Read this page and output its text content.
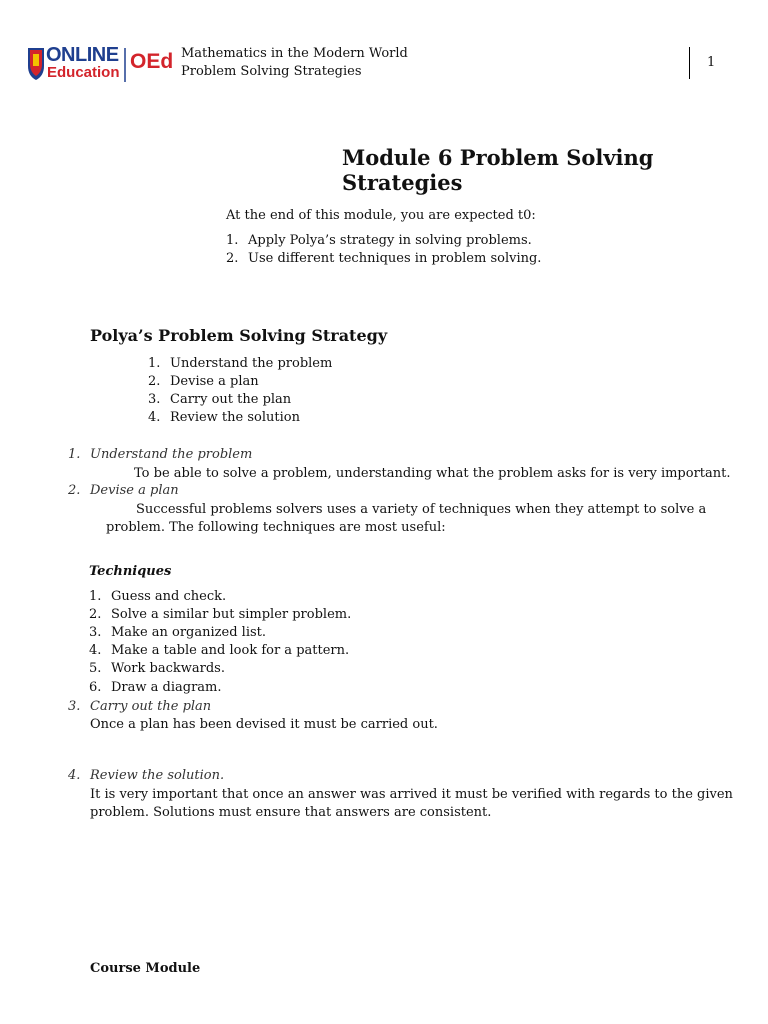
ONLINE
Education OEd Mathematics in the Modern World
Problem Solving Strategies
1
Module 6 Problem Solving Strategies
At the end of this module, you are expected t0:
1. Apply Polya’s strategy in solving problems.
2. Use different techniques in problem solving.
Polya’s Problem Solving Strategy
1. Understand the problem
2. Devise a plan
3. Carry out the plan
4. Review the solution
1. Understand the problem
To be able to solve a problem, understanding what the problem asks for is very important.
2. Devise a plan
Successful problems solvers uses a variety of techniques when they attempt to solve a
problem. The following techniques are most useful:
Techniques
1. Guess and check.
2. Solve a similar but simpler problem.
3. Make an organized list.
4. Make a table and look for a pattern.
5. Work backwards.
6. Draw a diagram.
3. Carry out the plan
Once a plan has been devised it must be carried out.
4. Review the solution.
It is very important that once an answer was arrived it must be verified with regards to the given
problem. Solutions must ensure that answers are consistent.
Course Module
